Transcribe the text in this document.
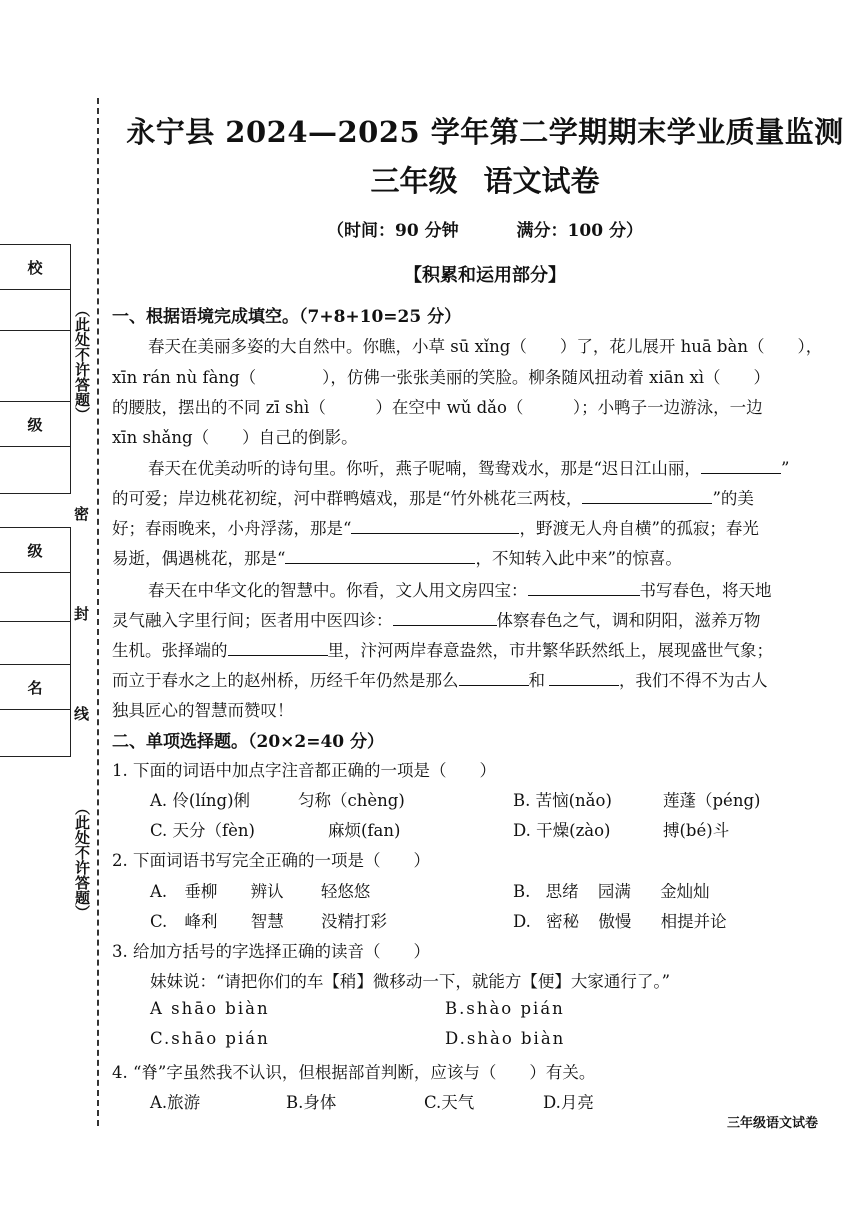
校
级
级
名
（此处不许答题）
（此处不许答题）
密
封
线
永宁县 2024—2025 学年第二学期期末学业质量监测
三年级 语文试卷
（时间：90 分钟	满分：100 分）
【积累和运用部分】
一、根据语境完成填空。（7+8+10=25 分）
春天在美丽多姿的大自然中。你瞧，小草 sū xǐng（　　）了，花儿展开 huā bàn（　　），
xīn rán nù fàng（　　　　），仿佛一张张美丽的笑脸。柳条随风扭动着 xiān xì（　　）
的腰肢，摆出的不同 zī shì（　　　）在空中 wǔ dǎo（　　　）；小鸭子一边游泳，一边
xīn shǎng（　　）自己的倒影。
春天在优美动听的诗句里。你听，燕子呢喃，鸳鸯戏水，那是“迟日江山丽，	”
的可爱；岸边桃花初绽，河中群鸭嬉戏，那是“竹外桃花三两枝，	”的美
好；春雨晚来，小舟浮荡，那是“	，野渡无人舟自横”的孤寂；春光
易逝，偶遇桃花，那是“	，不知转入此中来”的惊喜。
春天在中华文化的智慧中。你看，文人用文房四宝：	书写春色，将天地
灵气融入字里行间；医者用中医四诊：	体察春色之气，调和阴阳，滋养万物
生机。张择端的	里，汴河两岸春意盎然，市井繁华跃然纸上，展现盛世气象；
而立于春水之上的赵州桥，历经千年仍然是那么	和	，我们不得不为古人
独具匠心的智慧而赞叹！
二、单项选择题。（20×2=40 分）
1. 下面的词语中加点字注音都正确的一项是（　　）
A. 伶(líng)俐	匀称（chèng)	B. 苦恼(nǎo)	莲蓬（péng)
C. 天分（fèn)	麻烦(fan)	D. 干燥(zào)	搏(bé)斗
2. 下面词语书写完全正确的一项是（　　）
A. 垂柳 辨认 轻悠悠	B. 思绪 园满 金灿灿
C. 峰利 智慧 没精打彩	D. 密秘 傲慢 相提并论
3. 给加方括号的字选择正确的读音（　　）
妹妹说：“请把你们的车【稍】微移动一下，就能方【便】大家通行了。”
A shāo biàn	B.shào pián
C.shāo pián	D.shào biàn
4. “脊”字虽然我不认识，但根据部首判断，应该与（　　）有关。
A.旅游	B.身体	C.天气	D.月亮
三年级语文试卷
